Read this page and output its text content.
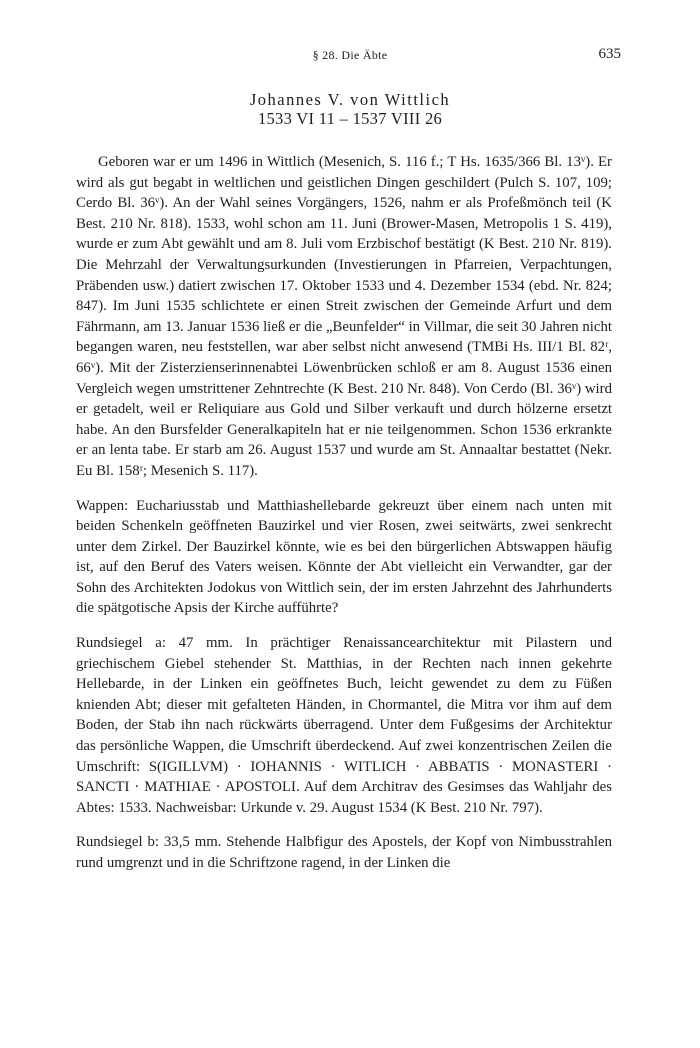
§ 28. Die Äbte	635
Johannes V. von Wittlich
1533 VI 11 – 1537 VIII 26

Geboren war er um 1496 in Wittlich (Mesenich, S. 116 f.; T Hs. 1635/366 Bl. 13ᵛ). Er wird als gut begabt in weltlichen und geistlichen Dingen geschildert (Pulch S. 107, 109; Cerdo Bl. 36ᵛ). An der Wahl seines Vorgängers, 1526, nahm er als Profeßmönch teil (K Best. 210 Nr. 818). 1533, wohl schon am 11. Juni (Brower-Masen, Metropolis 1 S. 419), wurde er zum Abt gewählt und am 8. Juli vom Erzbischof bestätigt (K Best. 210 Nr. 819). Die Mehrzahl der Verwaltungsurkunden (Investierungen in Pfarreien, Verpachtungen, Präbenden usw.) datiert zwischen 17. Oktober 1533 und 4. Dezember 1534 (ebd. Nr. 824; 847). Im Juni 1535 schlichtete er einen Streit zwischen der Gemeinde Arfurt und dem Fährmann, am 13. Januar 1536 ließ er die „Beunfelder“ in Villmar, die seit 30 Jahren nicht begangen waren, neu feststellen, war aber selbst nicht anwesend (TMBi Hs. III/1 Bl. 82ʳ, 66ᵛ). Mit der Zisterzienserinnenabtei Löwenbrücken schloß er am 8. August 1536 einen Vergleich wegen umstrittener Zehntrechte (K Best. 210 Nr. 848). Von Cerdo (Bl. 36ᵛ) wird er getadelt, weil er Reliquiare aus Gold und Silber verkauft und durch hölzerne ersetzt habe. An den Bursfelder Generalkapiteln hat er nie teilgenommen. Schon 1536 erkrankte er an lenta tabe. Er starb am 26. August 1537 und wurde am St. Annaaltar bestattet (Nekr. Eu Bl. 158ʳ; Mesenich S. 117).

Wappen: Euchariusstab und Matthiashellebarde gekreuzt über einem nach unten mit beiden Schenkeln geöffneten Bauzirkel und vier Rosen, zwei seitwärts, zwei senkrecht unter dem Zirkel. Der Bauzirkel könnte, wie es bei den bürgerlichen Abtswappen häufig ist, auf den Beruf des Vaters weisen. Könnte der Abt vielleicht ein Verwandter, gar der Sohn des Architekten Jodokus von Wittlich sein, der im ersten Jahrzehnt des Jahrhunderts die spätgotische Apsis der Kirche aufführte?

Rundsiegel a: 47 mm. In prächtiger Renaissancearchitektur mit Pilastern und griechischem Giebel stehender St. Matthias, in der Rechten nach innen gekehrte Hellebarde, in der Linken ein geöffnetes Buch, leicht gewendet zu dem zu Füßen knienden Abt; dieser mit gefalteten Händen, in Chormantel, die Mitra vor ihm auf dem Boden, der Stab ihn nach rückwärts überragend. Unter dem Fußgesims der Architektur das persönliche Wappen, die Umschrift überdeckend. Auf zwei konzentrischen Zeilen die Umschrift: S(IGILLVM) · IOHANNIS · WITLICH · ABBATIS · MONASTERI · SANCTI · MATHIAE · APOSTOLI. Auf dem Architrav des Gesimses das Wahljahr des Abtes: 1533. Nachweisbar: Urkunde v. 29. August 1534 (K Best. 210 Nr. 797).

Rundsiegel b: 33,5 mm. Stehende Halbfigur des Apostels, der Kopf von Nimbusstrahlen rund umgrenzt und in die Schriftzone ragend, in der Linken die
